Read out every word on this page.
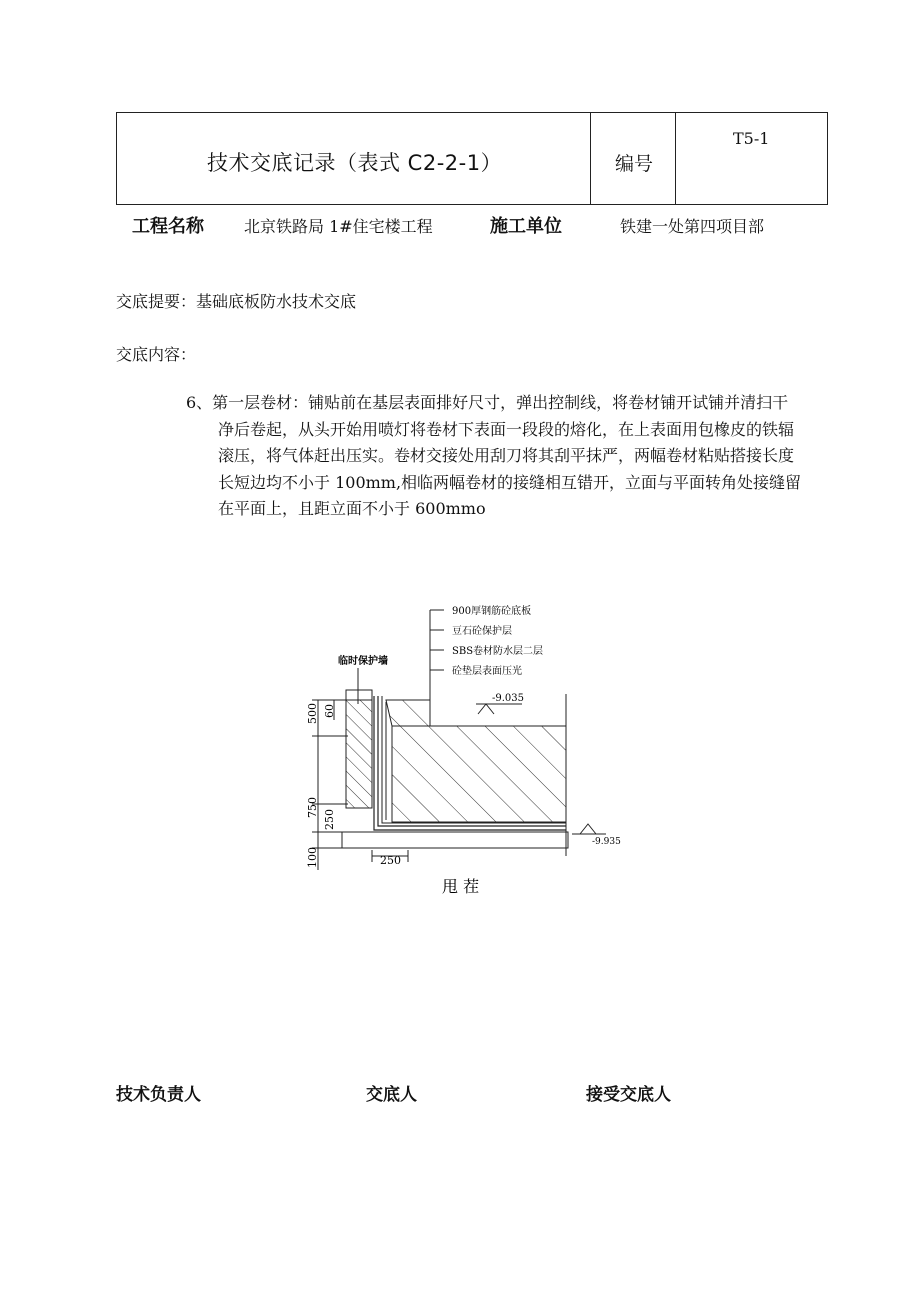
技术交底记录（表式 C2-2-1）	编号
T5-1
工程名称	北京铁路局 1#住宅楼工程	施工单位	铁建一处第四项目部
交底提要：基础底板防水技术交底
交底内容：
6、第一层卷材：铺贴前在基层表面排好尺寸，弹出控制线，将卷材铺开试铺并清扫干
净后卷起，从头开始用喷灯将卷材下表面一段段的熔化，在上表面用包橡皮的铁辐
滚压，将气体赶出压实。卷材交接处用刮刀将其刮平抹严，两幅卷材粘贴搭接长度
长短边均不小于 100mm,相临两幅卷材的接缝相互错开，立面与平面转角处接缝留
在平面上，且距立面不小于 600mmo
900厚钢筋砼底板
豆石砼保护层
SBS卷材防水层二层
砼垫层表面压光
临时保护墙
-9.035
-9.935
500 60
750
250
100	250
甩 茬
技术负责人	交底人	接受交底人
